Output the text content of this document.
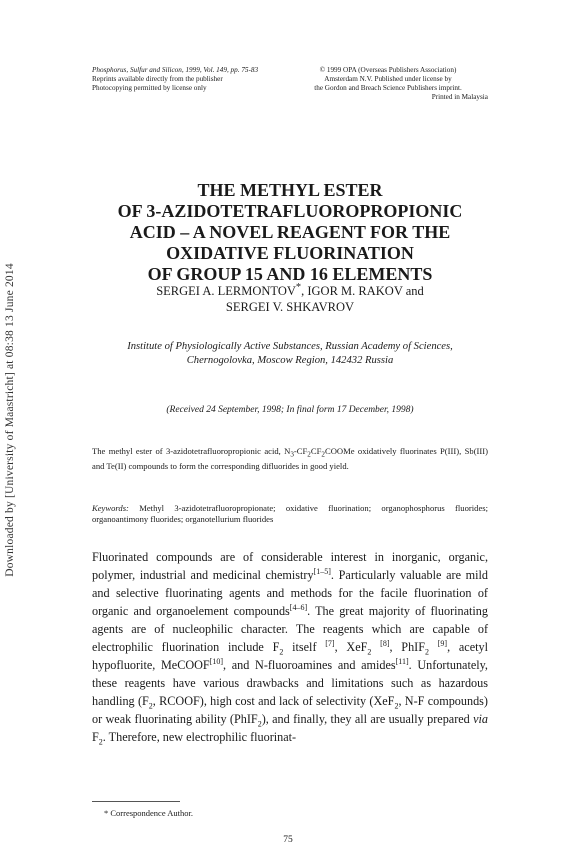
Downloaded by [University of Maastricht] at 08:38 13 June 2014
Phosphorus, Sulfur and Silicon, 1999, Vol. 149, pp. 75-83
Reprints available directly from the publisher
Photocopying permitted by license only
© 1999 OPA (Overseas Publishers Association)
Amsterdam N.V. Published under license by
the Gordon and Breach Science Publishers imprint.
Printed in Malaysia
THE METHYL ESTER
OF 3-AZIDOTETRAFLUOROPROPIONIC
ACID – A NOVEL REAGENT FOR THE
OXIDATIVE FLUORINATION
OF GROUP 15 AND 16 ELEMENTS
SERGEI A. LERMONTOV*, IGOR M. RAKOV and
SERGEI V. SHKAVROV
Institute of Physiologically Active Substances, Russian Academy of Sciences,
Chernogolovka, Moscow Region, 142432 Russia
(Received 24 September, 1998; In final form 17 December, 1998)
The methyl ester of 3-azidotetrafluoropropionic acid, $N_3-CF_2CF_2COOMe$ oxidatively fluorinates P(III), Sb(III) and Te(II) compounds to form the corresponding difluorides in good yield.
Keywords: Methyl 3-azidotetrafluoropropionate; oxidative fluorination; organophosphorus fluorides; organoantimony fluorides; organotellurium fluorides
Fluorinated compounds are of considerable interest in inorganic, organic, polymer, industrial and medicinal chemistry[1–5]. Particularly valuable are mild and selective fluorinating agents and methods for the facile fluorination of organic and organoelement compounds[4–6]. The great majority of fluorinating agents are of nucleophilic character. The reagents which are capable of electrophilic fluorination include $F_2$ itself [7], XeF$_2$ [8], PhIF$_2$ [9], acetyl hypofluorite, MeCOOF[10], and N-fluoroamines and amides[11]. Unfortunately, these reagents have various drawbacks and limitations such as hazardous handling ($F_2$, RCOOF), high cost and lack of selectivity (XeF$_2$, N-F compounds) or weak fluorinating ability (PhIF$_2$), and finally, they all are usually prepared via $F_2$. Therefore, new electrophilic fluorinat-
* Correspondence Author.
75
